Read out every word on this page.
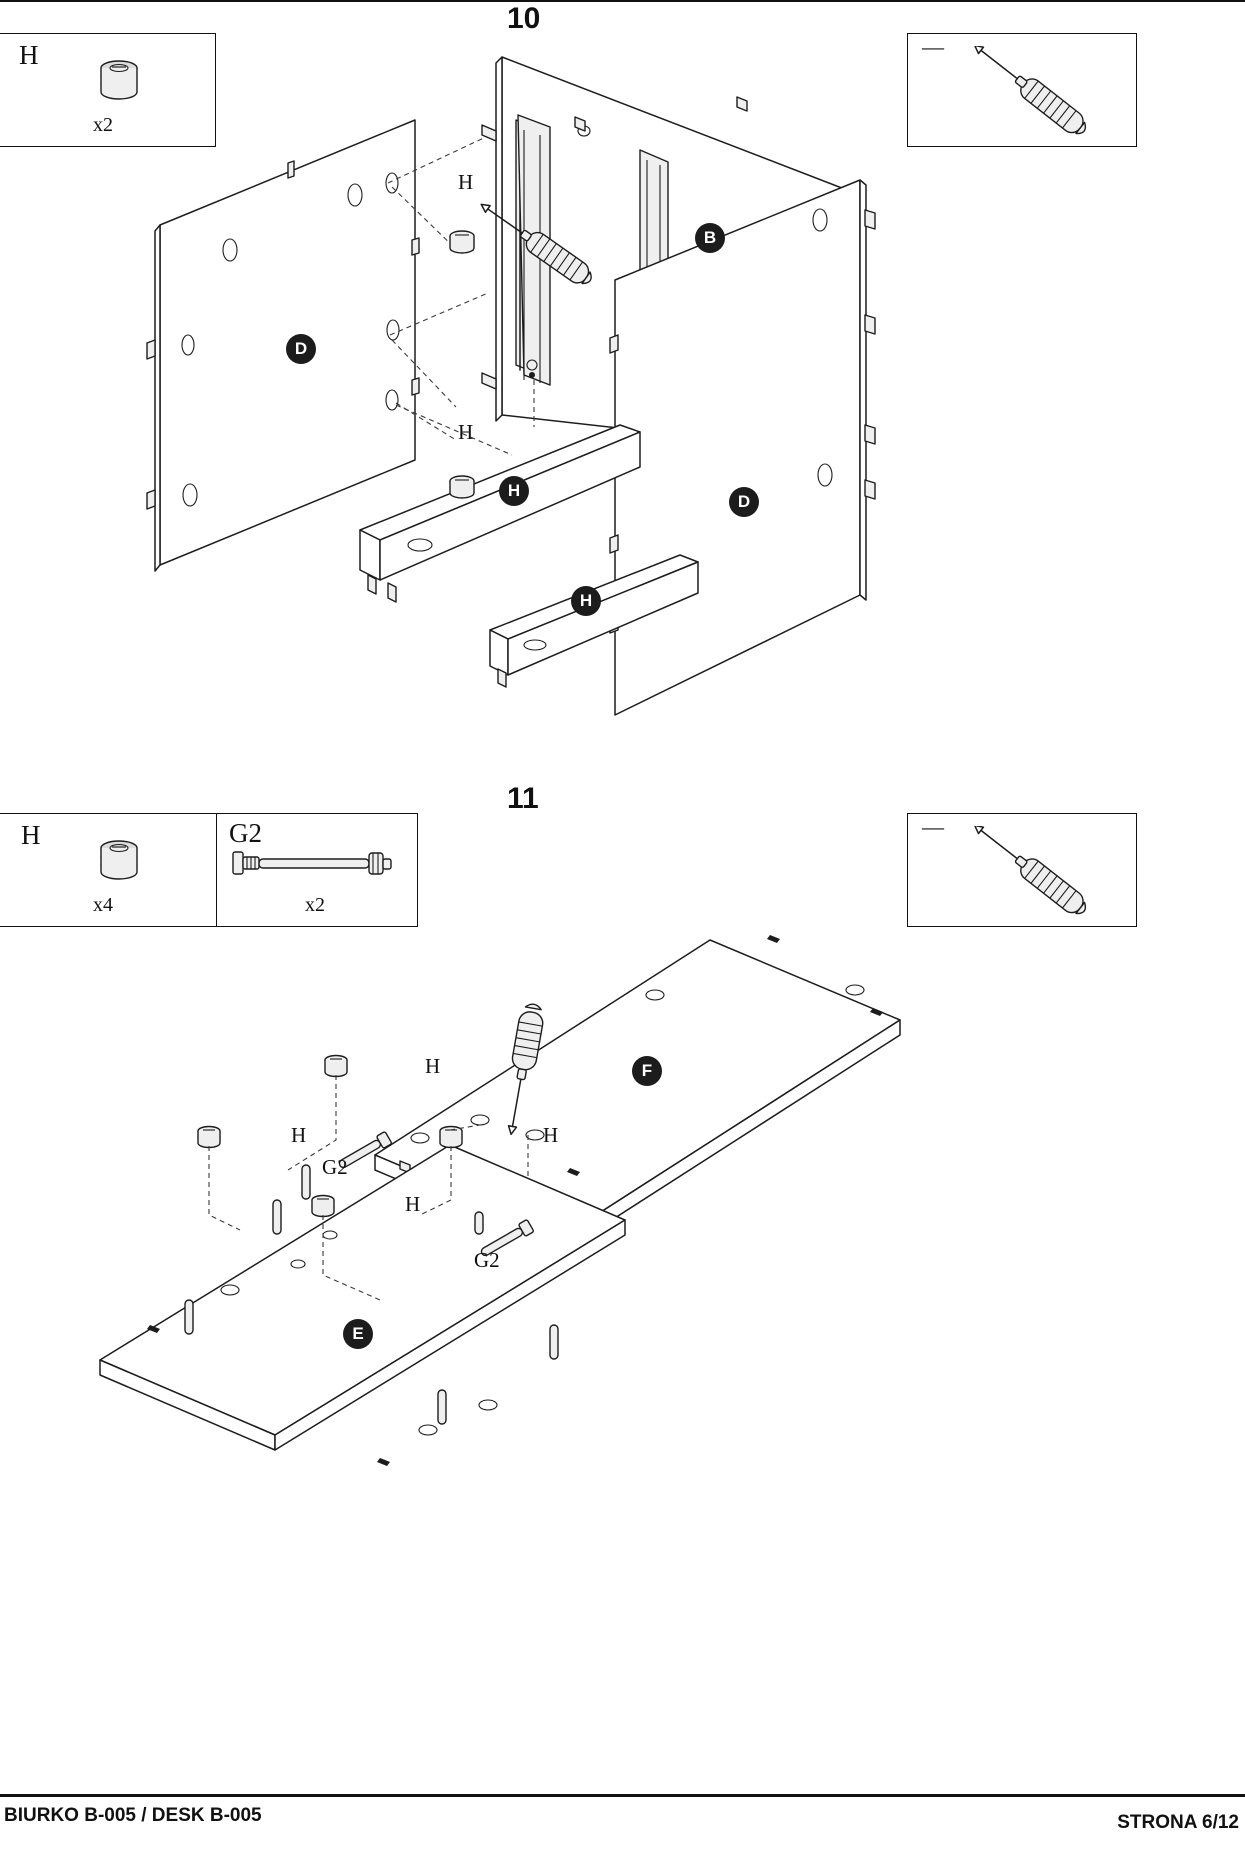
10
H
x2
—
H
H
D
B
D
H
H
11
H
x4
G2
x2
—
H
H	H
H
G2
G2
F
E
BIURKO B-005 / DESK B-005	STRONA 6/12
